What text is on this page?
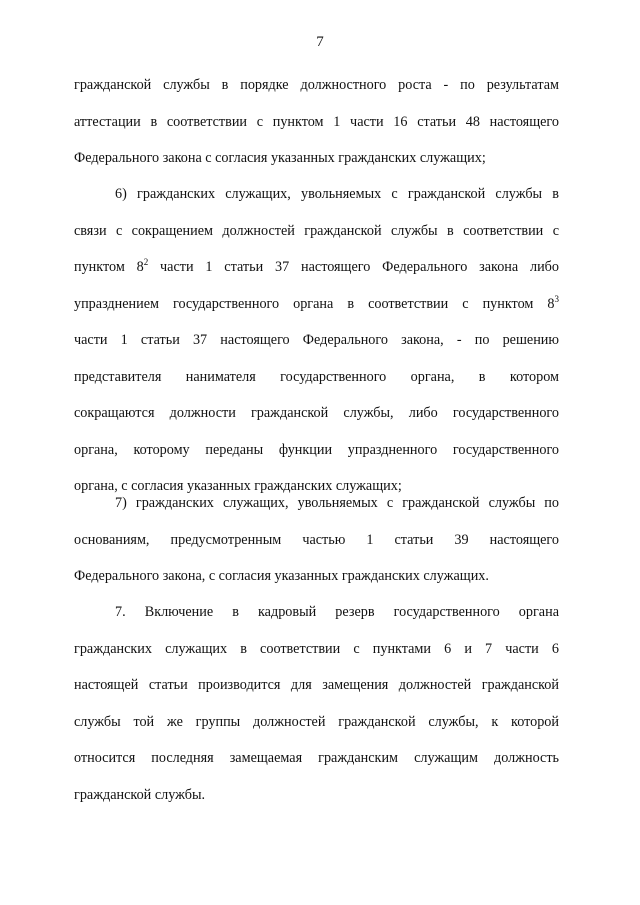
7
гражданской службы в порядке должностного роста - по результатам
аттестации в соответствии с пунктом 1 части 16 статьи 48 настоящего
Федерального закона с согласия указанных гражданских служащих;
6) гражданских служащих, увольняемых с гражданской службы в
связи с сокращением должностей гражданской службы в соответствии с
пунктом $8^2$ части 1 статьи 37 настоящего Федерального закона либо
упразднением государственного органа в соответствии с пунктом $8^3$
части 1 статьи 37 настоящего Федерального закона, - по решению
представителя нанимателя государственного органа, в котором
сокращаются должности гражданской службы, либо государственного
органа, которому переданы функции упраздненного государственного
органа, с согласия указанных гражданских служащих;
7) гражданских служащих, увольняемых с гражданской службы по
основаниям, предусмотренным частью 1 статьи 39 настоящего
Федерального закона, с согласия указанных гражданских служащих.
7. Включение в кадровый резерв государственного органа
гражданских служащих в соответствии с пунктами 6 и 7 части 6
настоящей статьи производится для замещения должностей гражданской
службы той же группы должностей гражданской службы, к которой
относится последняя замещаемая гражданским служащим должность
гражданской службы.
